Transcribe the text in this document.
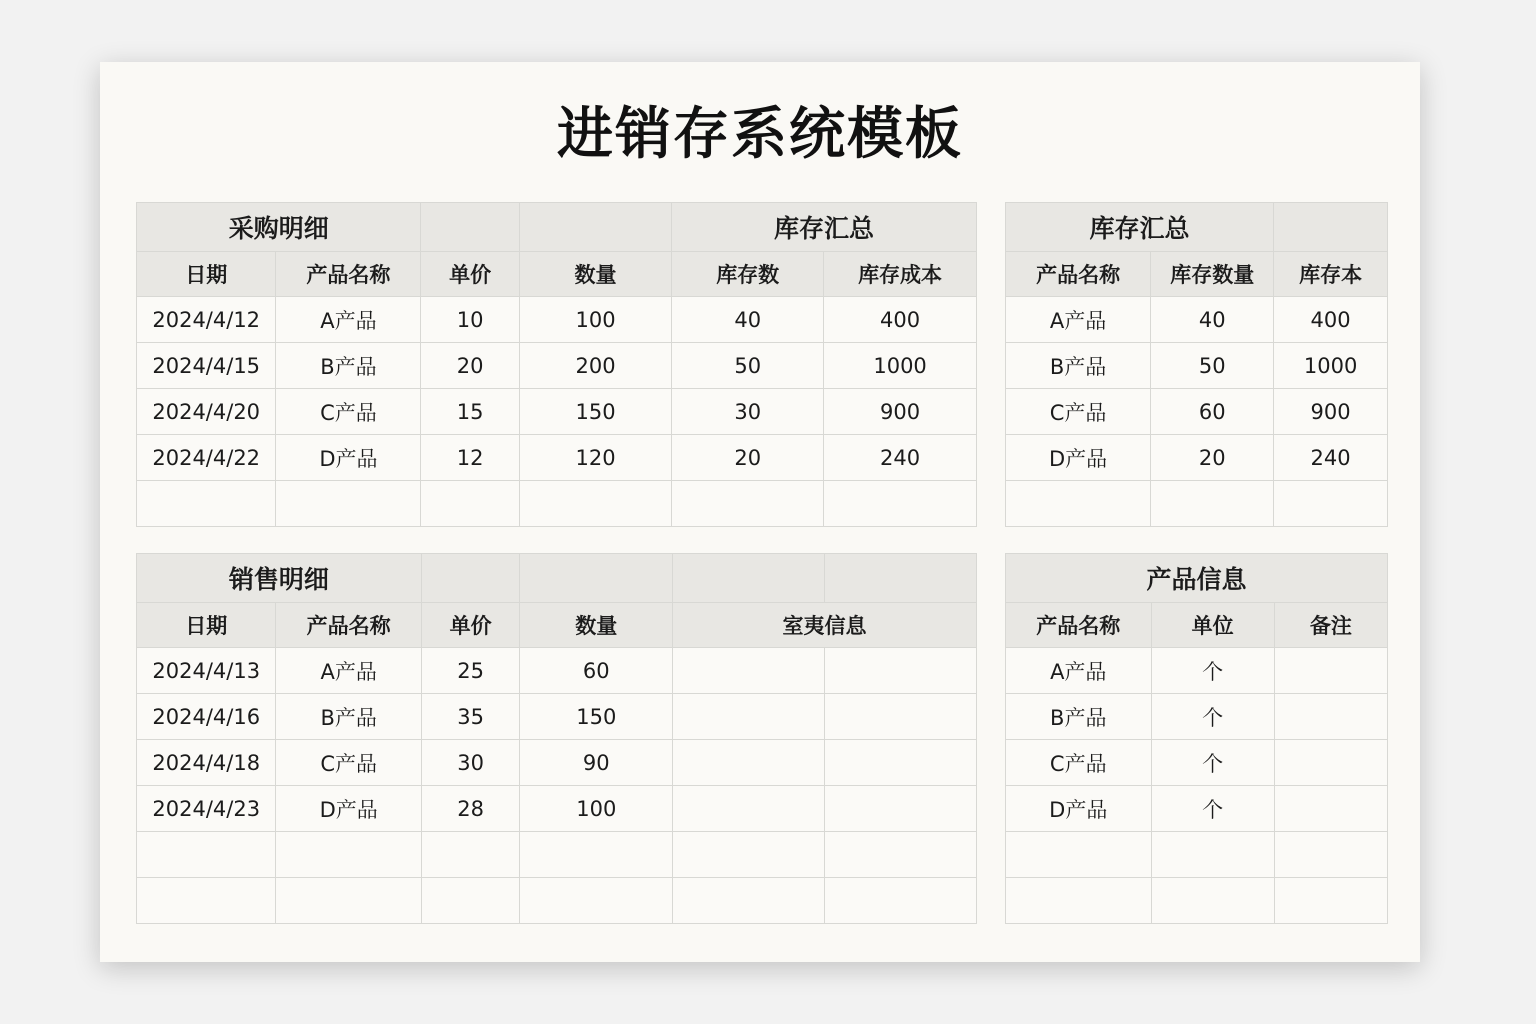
进销存系统模板
采购明细				库存汇总	
日期	产品名称	单价	数量	库存数	库存成本
2024/4/12	A产品	10	100	40	400
2024/4/15	B产品	20	200	50	1000
2024/4/20	C产品	15	150	30	900
2024/4/22	D产品	12	120	20	240

库存汇总		
产品名称	库存数量	库存本
A产品	40	400
B产品	50	1000
C产品	60	900
D产品	20	240

销售明细					
日期	产品名称	单价	数量	室夷信息	
2024/4/13	A产品	25	60		
2024/4/16	B产品	35	150		
2024/4/18	C产品	30	90		
2024/4/23	D产品	28	100		

产品信息		
产品名称	单位	备注
A产品	个	
B产品	个	
C产品	个	
D产品	个	
